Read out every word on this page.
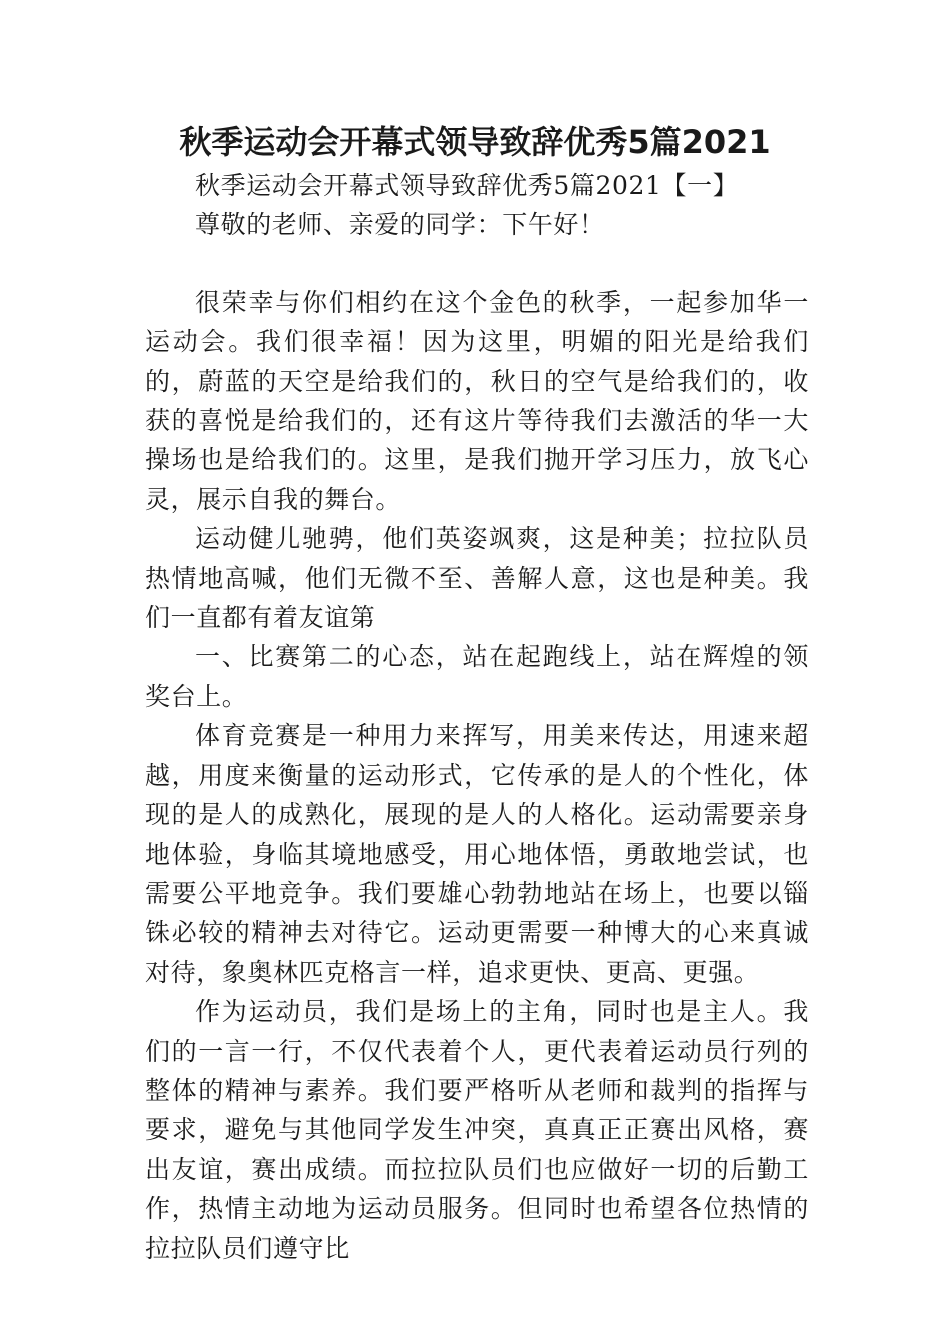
秋季运动会开幕式领导致辞优秀5篇2021

秋季运动会开幕式领导致辞优秀5篇2021【一】

尊敬的老师、亲爱的同学：下午好！

很荣幸与你们相约在这个金色的秋季，一起参加华一运动会。我们很幸福！因为这里，明媚的阳光是给我们的，蔚蓝的天空是给我们的，秋日的空气是给我们的，收获的喜悦是给我们的，还有这片等待我们去激活的华一大操场也是给我们的。这里，是我们抛开学习压力，放飞心灵，展示自我的舞台。

运动健儿驰骋，他们英姿飒爽，这是种美；拉拉队员热情地高喊，他们无微不至、善解人意，这也是种美。我们一直都有着友谊第

一、比赛第二的心态，站在起跑线上，站在辉煌的领奖台上。

体育竞赛是一种用力来挥写，用美来传达，用速来超越，用度来衡量的运动形式，它传承的是人的个性化，体现的是人的成熟化，展现的是人的人格化。运动需要亲身地体验，身临其境地感受，用心地体悟，勇敢地尝试，也需要公平地竞争。我们要雄心勃勃地站在场上，也要以锱铢必较的精神去对待它。运动更需要一种博大的心来真诚对待，象奥林匹克格言一样，追求更快、更高、更强。

作为运动员，我们是场上的主角，同时也是主人。我们的一言一行，不仅代表着个人，更代表着运动员行列的整体的精神与素养。我们要严格听从老师和裁判的指挥与要求，避免与其他同学发生冲突，真真正正赛出风格，赛出友谊，赛出成绩。而拉拉队员们也应做好一切的后勤工作，热情主动地为运动员服务。但同时也希望各位热情的拉拉队员们遵守比
